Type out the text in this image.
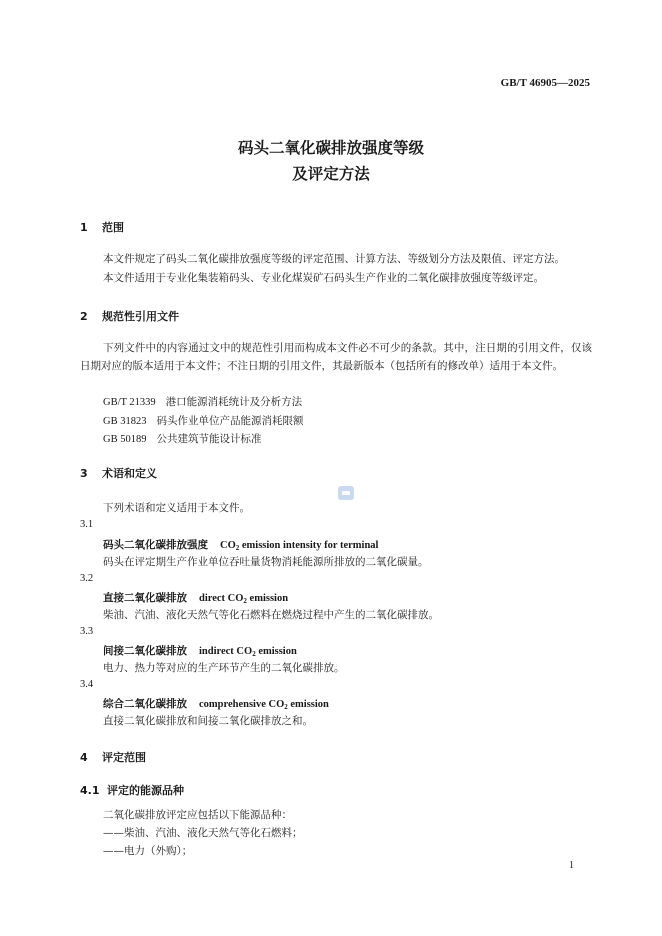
GB/T 46905—2025
码头二氧化碳排放强度等级
及评定方法
1 范围
本文件规定了码头二氧化碳排放强度等级的评定范围、计算方法、等级划分方法及限值、评定方法。
本文件适用于专业化集装箱码头、专业化煤炭矿石码头生产作业的二氧化碳排放强度等级评定。
2 规范性引用文件
下列文件中的内容通过文中的规范性引用而构成本文件必不可少的条款。其中，注日期的引用文件，仅该日期对应的版本适用于本文件；不注日期的引用文件，其最新版本（包括所有的修改单）适用于本文件。
GB/T 21339 港口能源消耗统计及分析方法
GB 31823 码头作业单位产品能源消耗限额
GB 50189 公共建筑节能设计标准
3 术语和定义
下列术语和定义适用于本文件。
3.1
码头二氧化碳排放强度 $CO_2$ emission intensity for terminal
码头在评定期生产作业单位吞吐量货物消耗能源所排放的二氧化碳量。
3.2
直接二氧化碳排放 direct $CO_2$ emission
柴油、汽油、液化天然气等化石燃料在燃烧过程中产生的二氧化碳排放。
3.3
间接二氧化碳排放 indirect $CO_2$ emission
电力、热力等对应的生产环节产生的二氧化碳排放。
3.4
综合二氧化碳排放 comprehensive $CO_2$ emission
直接二氧化碳排放和间接二氧化碳排放之和。
4 评定范围
4.1 评定的能源品种
二氧化碳排放评定应包括以下能源品种：
——柴油、汽油、液化天然气等化石燃料；
——电力（外购）；
1
